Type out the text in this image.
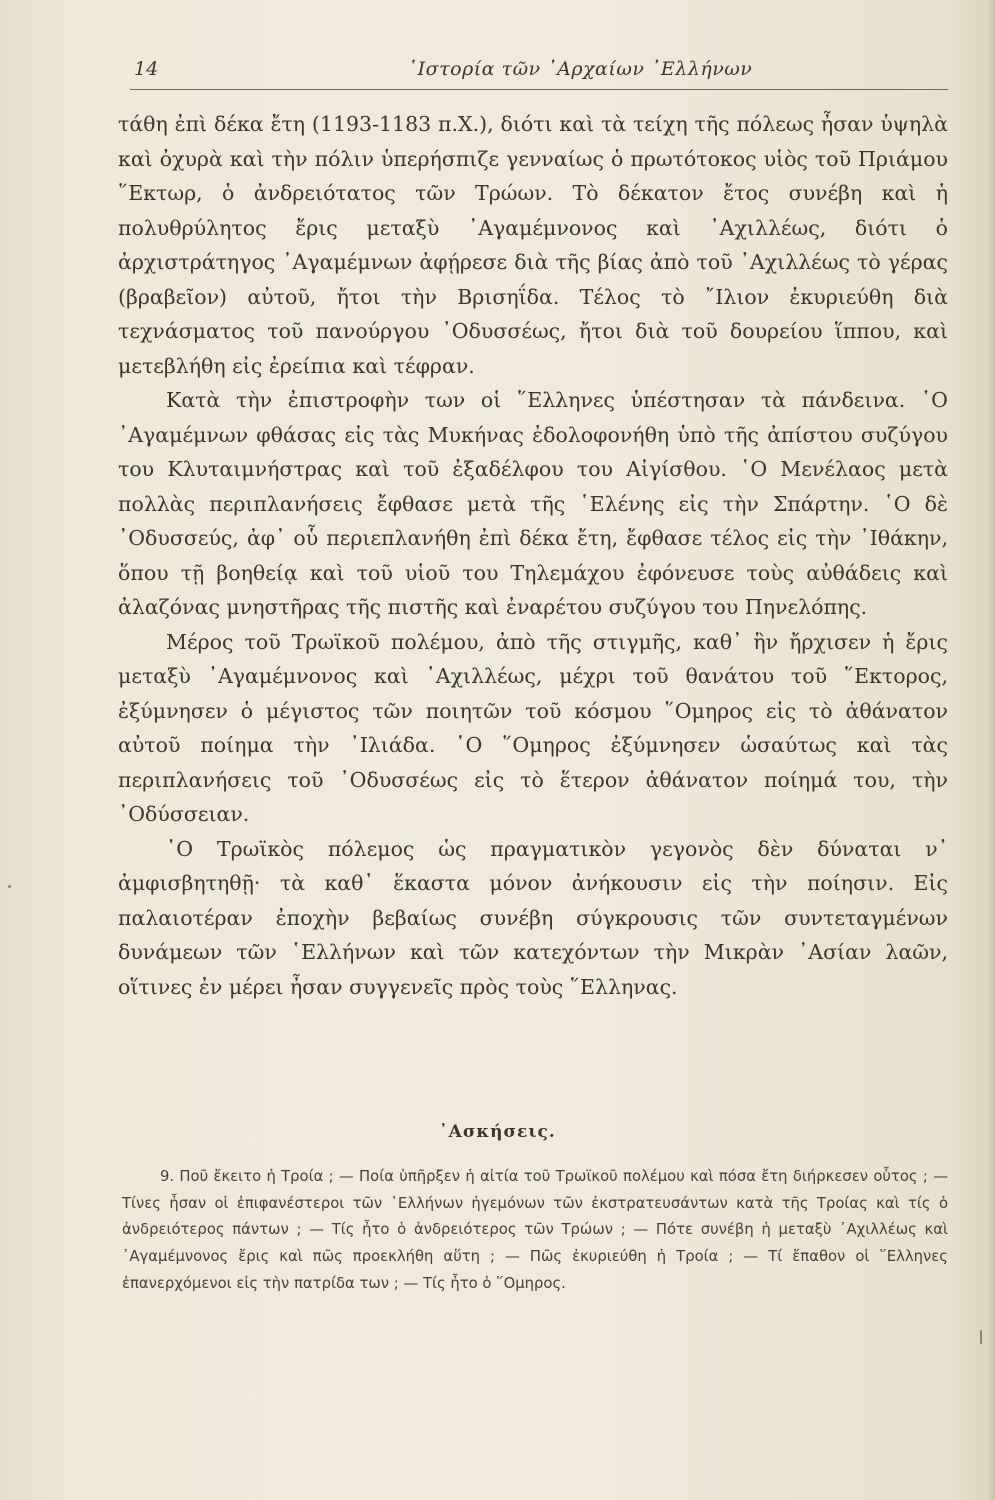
14	῾Ιστορία τῶν ᾿Αρχαίων ᾿Ελλήνων

τάθη ἐπὶ δέκα ἔτη (1193-1183 π.Χ.), διότι καὶ τὰ τείχη τῆς πόλεως ἦσαν ὑψηλὰ καὶ ὀχυρὰ καὶ τὴν πόλιν ὑπερήσπιζε γενναίως ὁ πρωτότοκος υἱὸς τοῦ Πριάμου ῞Εκτωρ, ὁ ἀνδρειότατος τῶν Τρώων. Τὸ δέκατον ἔτος συνέβη καὶ ἡ πολυθρύλητος ἔρις μεταξὺ ᾿Αγαμέμνονος καὶ ᾿Αχιλλέως, διότι ὁ ἀρχιστράτηγος ᾿Αγαμέμνων ἀφῄρεσε διὰ τῆς βίας ἀπὸ τοῦ ᾿Αχιλλέως τὸ γέρας (βραβεῖον) αὐτοῦ, ἤτοι τὴν Βρισηΐδα. Τέλος τὸ ῎Ιλιον ἐκυριεύθη διὰ τεχνάσματος τοῦ πανούργου ᾿Οδυσσέως, ἤτοι διὰ τοῦ δουρείου ἵππου, καὶ μετεβλήθη εἰς ἐρείπια καὶ τέφραν.

Κατὰ τὴν ἐπιστροφὴν των οἱ ῞Ελληνες ὑπέστησαν τὰ πάνδεινα. ῾Ο ᾿Αγαμέμνων φθάσας εἰς τὰς Μυκήνας ἐδολοφονήθη ὑπὸ τῆς ἀπίστου συζύγου του Κλυταιμνήστρας καὶ τοῦ ἐξαδέλφου του Αἰγίσθου. ῾Ο Μενέλαος μετὰ πολλὰς περιπλανήσεις ἔφθασε μετὰ τῆς ῾Ελένης εἰς τὴν Σπάρτην. ῾Ο δὲ ᾿Οδυσσεύς, ἀφ᾿ οὗ περιεπλανήθη ἐπὶ δέκα ἔτη, ἔφθασε τέλος εἰς τὴν ᾿Ιθάκην, ὅπου τῇ βοηθείᾳ καὶ τοῦ υἱοῦ του Τηλεμάχου ἐφόνευσε τοὺς αὐθάδεις καὶ ἀλαζόνας μνηστῆρας τῆς πιστῆς καὶ ἐναρέτου συζύγου του Πηνελόπης.

Μέρος τοῦ Τρωϊκοῦ πολέμου, ἀπὸ τῆς στιγμῆς, καθ᾿ ἣν ἤρχισεν ἡ ἔρις μεταξὺ ᾿Αγαμέμνονος καὶ ᾿Αχιλλέως, μέχρι τοῦ θανάτου τοῦ ῞Εκτορος, ἐξύμνησεν ὁ μέγιστος τῶν ποιητῶν τοῦ κόσμου ῞Ομηρος εἰς τὸ ἀθάνατον αὐτοῦ ποίημα τὴν ᾿Ιλιάδα. ῾Ο ῞Ομηρος ἐξύμνησεν ὡσαύτως καὶ τὰς περιπλανήσεις τοῦ ᾿Οδυσσέως εἰς τὸ ἕτερον ἀθάνατον ποίημά του, τὴν ᾿Οδύσσειαν.

῾Ο Τρωϊκὸς πόλεμος ὡς πραγματικὸν γεγονὸς δὲν δύναται ν᾿ ἀμφισβητηθῇ· τὰ καθ᾿ ἕκαστα μόνον ἀνήκουσιν εἰς τὴν ποίησιν. Εἰς παλαιοτέραν ἐποχὴν βεβαίως συνέβη σύγκρουσις τῶν συντεταγμένων δυνάμεων τῶν ῾Ελλήνων καὶ τῶν κατεχόντων τὴν Μικρὰν ᾿Ασίαν λαῶν, οἵτινες ἐν μέρει ἦσαν συγγενεῖς πρὸς τοὺς ῞Ελληνας.

᾿Ασκήσεις.

9. Ποῦ ἔκειτο ἡ Τροία ; — Ποία ὑπῆρξεν ἡ αἰτία τοῦ Τρωϊκοῦ πολέμου καὶ πόσα ἔτη διήρκεσεν οὗτος ; — Τίνες ἦσαν οἱ ἐπιφανέστεροι τῶν ῾Ελλήνων ἡγεμόνων τῶν ἐκστρατευσάντων κατὰ τῆς Τροίας καὶ τίς ὁ ἀνδρειότερος πάντων ; — Τίς ἦτο ὁ ἀνδρειότερος τῶν Τρώων ; — Πότε συνέβη ἡ μεταξὺ ᾿Αχιλλέως καὶ ᾿Αγαμέμνονος ἔρις καὶ πῶς προεκλήθη αὕτη ; — Πῶς ἐκυριεύθη ἡ Τροία ; — Τί ἔπαθον οἱ ῞Ελληνες ἐπανερχόμενοι εἰς τὴν πατρίδα των ; — Τίς ἦτο ὁ ῞Ομηρος.
